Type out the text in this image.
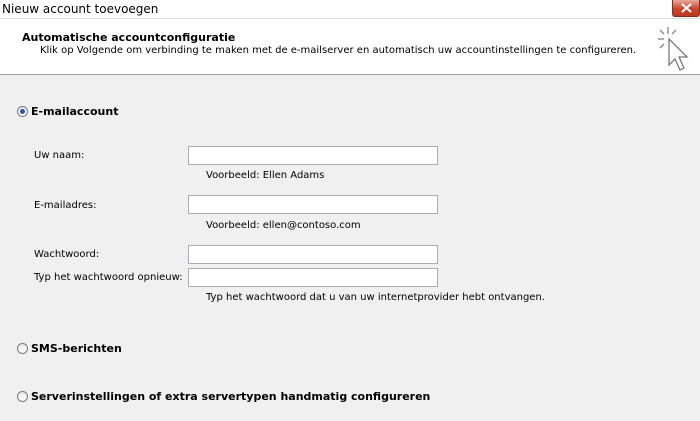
Nieuw account toevoegen
Automatische accountconfiguratie
Klik op Volgende om verbinding te maken met de e-mailserver en automatisch uw accountinstellingen te configureren.
E-mailaccount
Uw naam:
Voorbeeld: Ellen Adams
E-mailadres:
Voorbeeld: ellen@contoso.com
Wachtwoord:
Typ het wachtwoord opnieuw:
Typ het wachtwoord dat u van uw internetprovider hebt ontvangen.
SMS-berichten
Serverinstellingen of extra servertypen handmatig configureren
